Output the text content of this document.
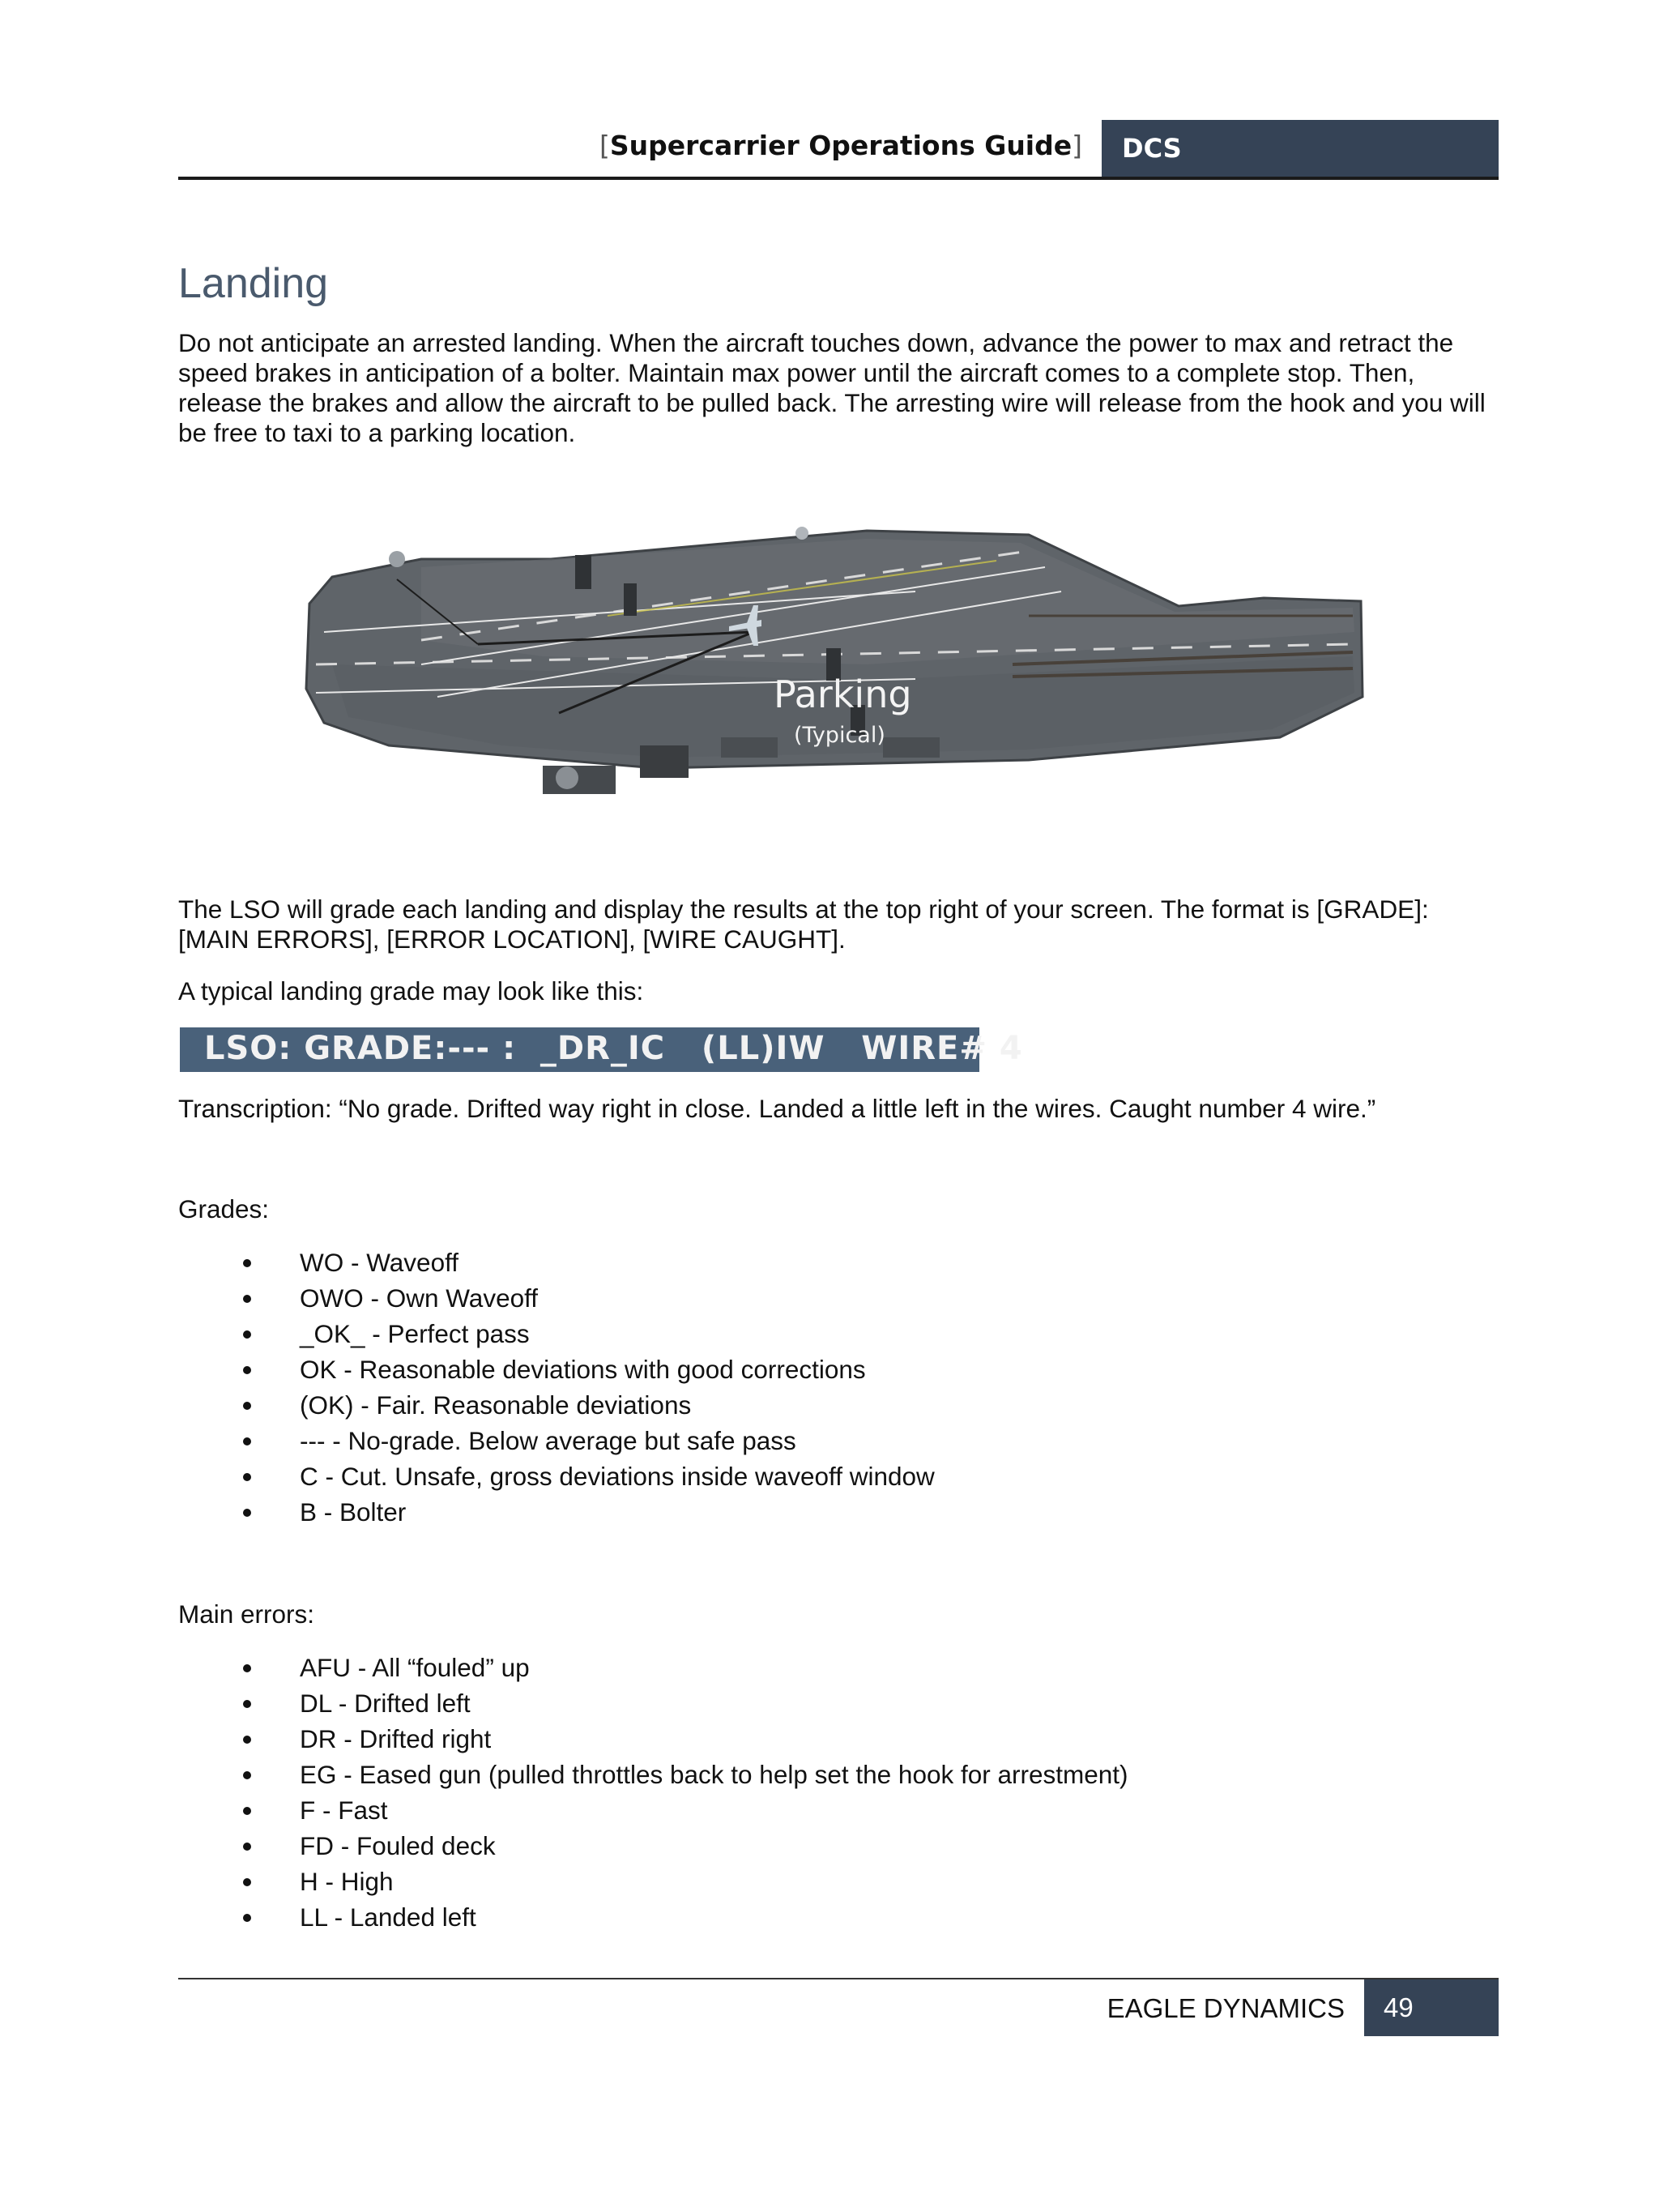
[Supercarrier Operations Guide] DCS
Landing
Do not anticipate an arrested landing. When the aircraft touches down, advance the power to max and retract the speed brakes in anticipation of a bolter. Maintain max power until the aircraft comes to a complete stop. Then, release the brakes and allow the aircraft to be pulled back. The arresting wire will release from the hook and you will be free to taxi to a parking location.
Parking
(Typical)
The LSO will grade each landing and display the results at the top right of your screen. The format is [GRADE]: [MAIN ERRORS], [ERROR LOCATION], [WIRE CAUGHT].
A typical landing grade may look like this:
LSO: GRADE:--- :  _DR_IC   (LL)IW   WIRE# 4
Transcription: “No grade. Drifted way right in close. Landed a little left in the wires. Caught number 4 wire.”
Grades:
WO - Waveoff
OWO - Own Waveoff
_OK_ - Perfect pass
OK - Reasonable deviations with good corrections
(OK) - Fair. Reasonable deviations
--- - No-grade. Below average but safe pass
C - Cut. Unsafe, gross deviations inside waveoff window
B - Bolter
Main errors:
AFU - All “fouled” up
DL - Drifted left
DR - Drifted right
EG - Eased gun (pulled throttles back to help set the hook for arrestment)
F - Fast
FD - Fouled deck
H - High
LL - Landed left
EAGLE DYNAMICS 49
